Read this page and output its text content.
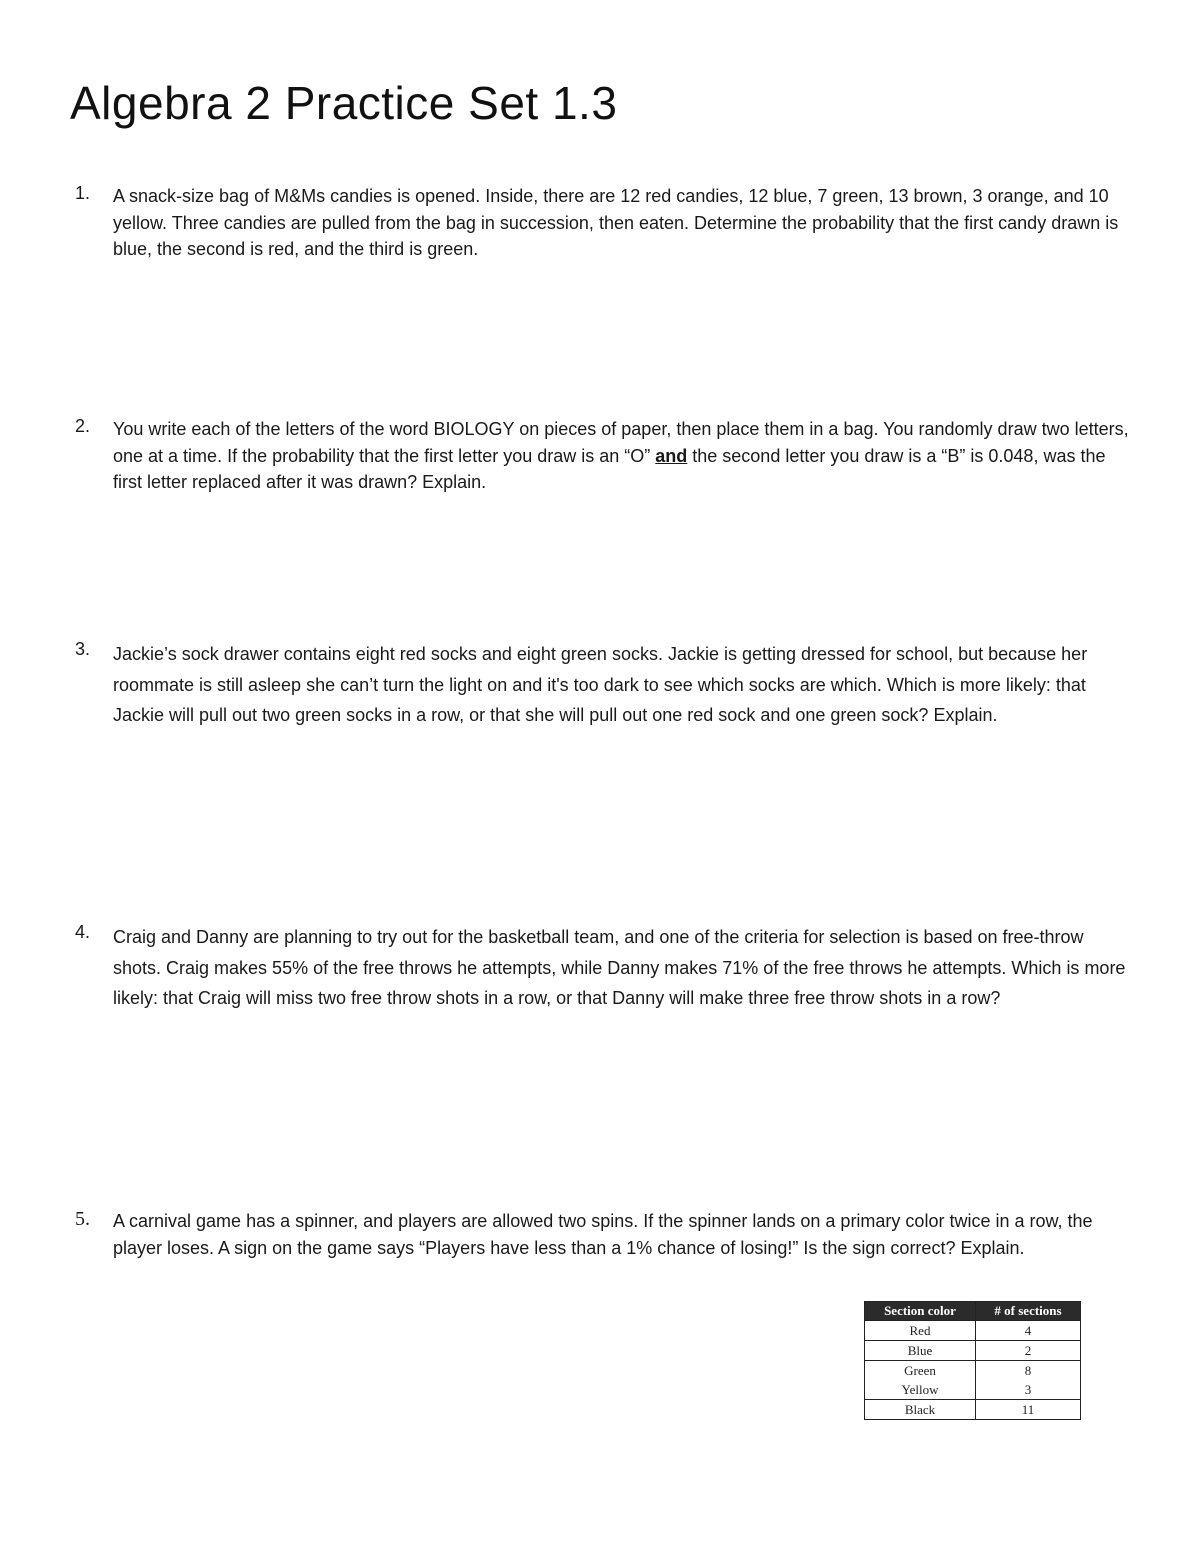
Algebra 2 Practice Set 1.3
1.	A snack-size bag of M&Ms candies is opened. Inside, there are 12 red candies, 12 blue, 7 green, 13 brown, 3 orange, and 10 yellow. Three candies are pulled from the bag in succession, then eaten. Determine the probability that the first candy drawn is blue, the second is red, and the third is green.
2.	You write each of the letters of the word BIOLOGY on pieces of paper, then place them in a bag. You randomly draw two letters, one at a time. If the probability that the first letter you draw is an “O” and the second letter you draw is a “B” is 0.048, was the first letter replaced after it was drawn? Explain.
3.	Jackie’s sock drawer contains eight red socks and eight green socks. Jackie is getting dressed for school, but because her roommate is still asleep she can’t turn the light on and it's too dark to see which socks are which. Which is more likely: that Jackie will pull out two green socks in a row, or that she will pull out one red sock and one green sock? Explain.
4.	Craig and Danny are planning to try out for the basketball team, and one of the criteria for selection is based on free-throw shots. Craig makes 55% of the free throws he attempts, while Danny makes 71% of the free throws he attempts. Which is more likely: that Craig will miss two free throw shots in a row, or that Danny will make three free throw shots in a row?
5.	A carnival game has a spinner, and players are allowed two spins. If the spinner lands on a primary color twice in a row, the player loses. A sign on the game says “Players have less than a 1% chance of losing!” Is the sign correct? Explain.
Section color	# of sections
Red	4
Blue	2
Green	8
Yellow	3
Black	11
